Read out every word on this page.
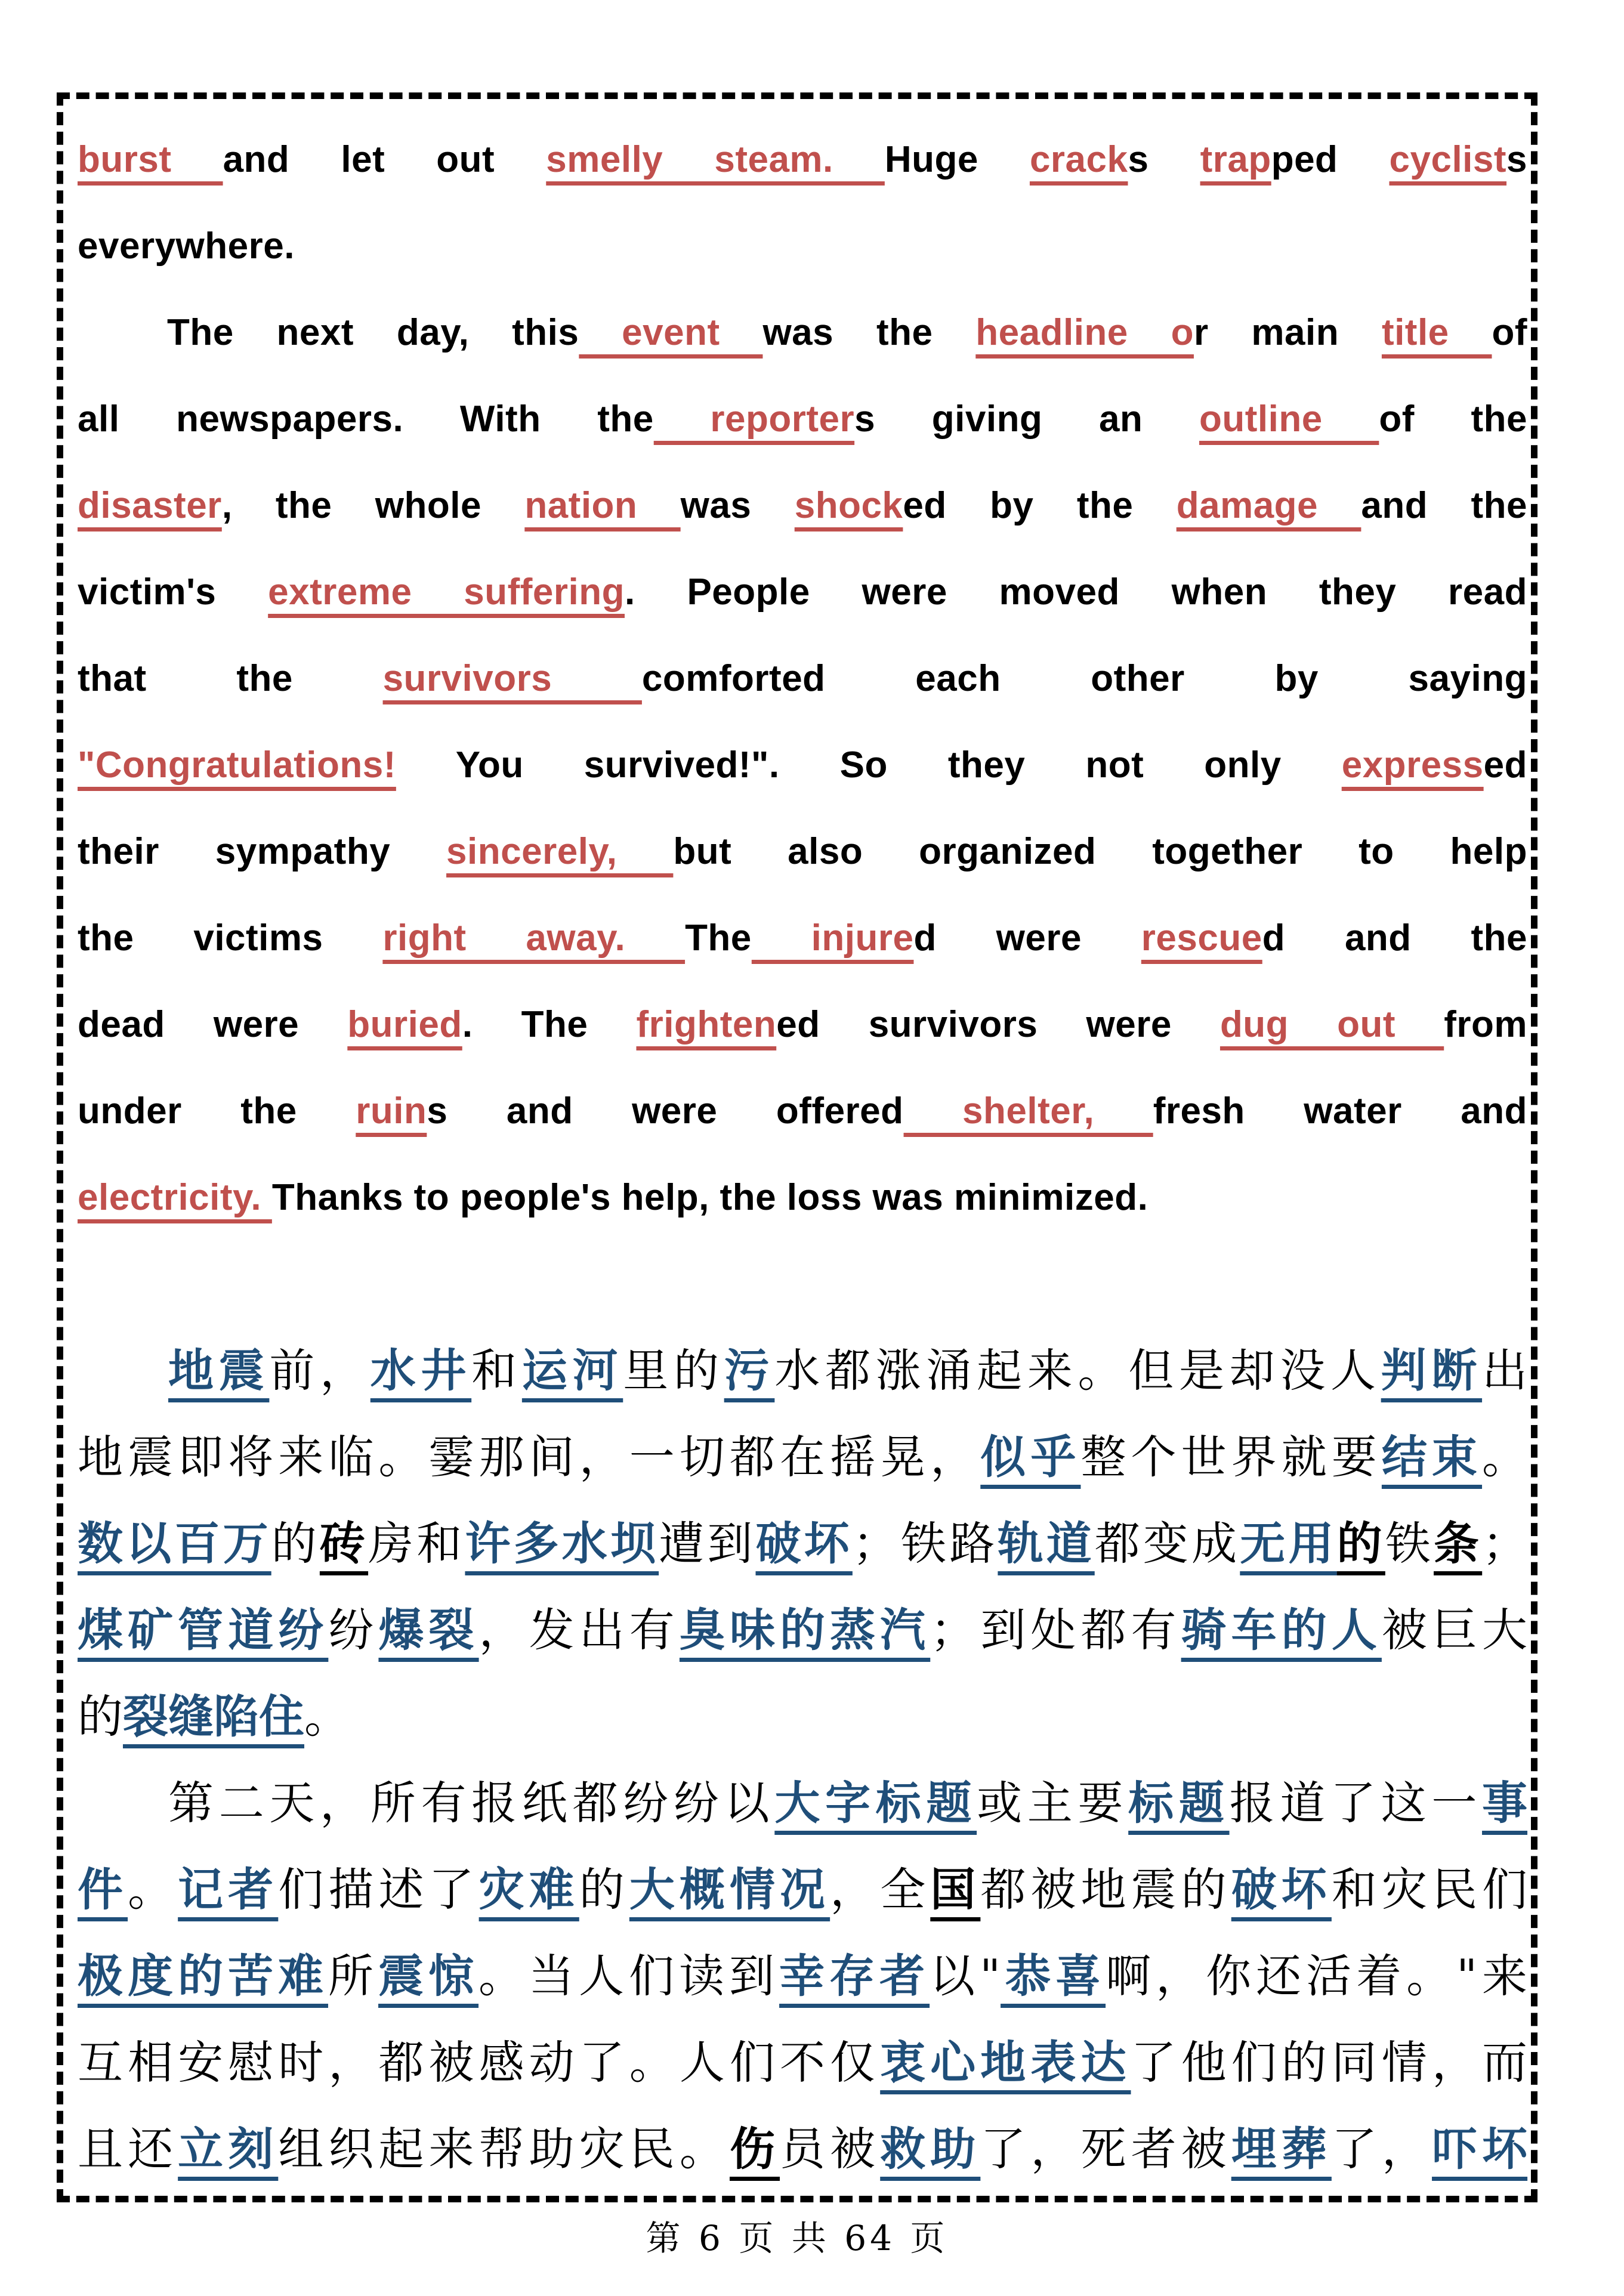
burst and let out smelly steam. Huge cracks trapped cyclists
everywhere.
The next day, this event was the headline or main title of
all newspapers. With the reporters giving an outline of the
disaster, the whole nation was shocked by the damage and the
victim's extreme suffering. People were moved when they read
that the survivors comforted each other by saying
"Congratulations! You survived!". So they not only expressed
their sympathy sincerely, but also organized together to help
the victims right away. The injured were rescued and the
dead were buried. The frightened survivors were dug out from
under the ruins and were offered shelter, fresh water and
electricity. Thanks to people's help, the loss was minimized.
地震前，水井和运河里的污水都涨涌起来。但是却没人判断出
地震即将来临。霎那间，一切都在摇晃，似乎整个世界就要结束。
数以百万的砖房和许多水坝遭到破坏；铁路轨道都变成无用的铁条；
煤矿管道纷纷爆裂，发出有臭味的蒸汽；到处都有骑车的人被巨大
的裂缝陷住。
第二天，所有报纸都纷纷以大字标题或主要标题报道了这一事
件。记者们描述了灾难的大概情况，全国都被地震的破坏和灾民们
极度的苦难所震惊。当人们读到幸存者以"恭喜啊，你还活着。"来
互相安慰时，都被感动了。人们不仅衷心地表达了他们的同情，而
且还立刻组织起来帮助灾民。伤员被救助了，死者被埋葬了，吓坏
第 6 页 共 64 页
